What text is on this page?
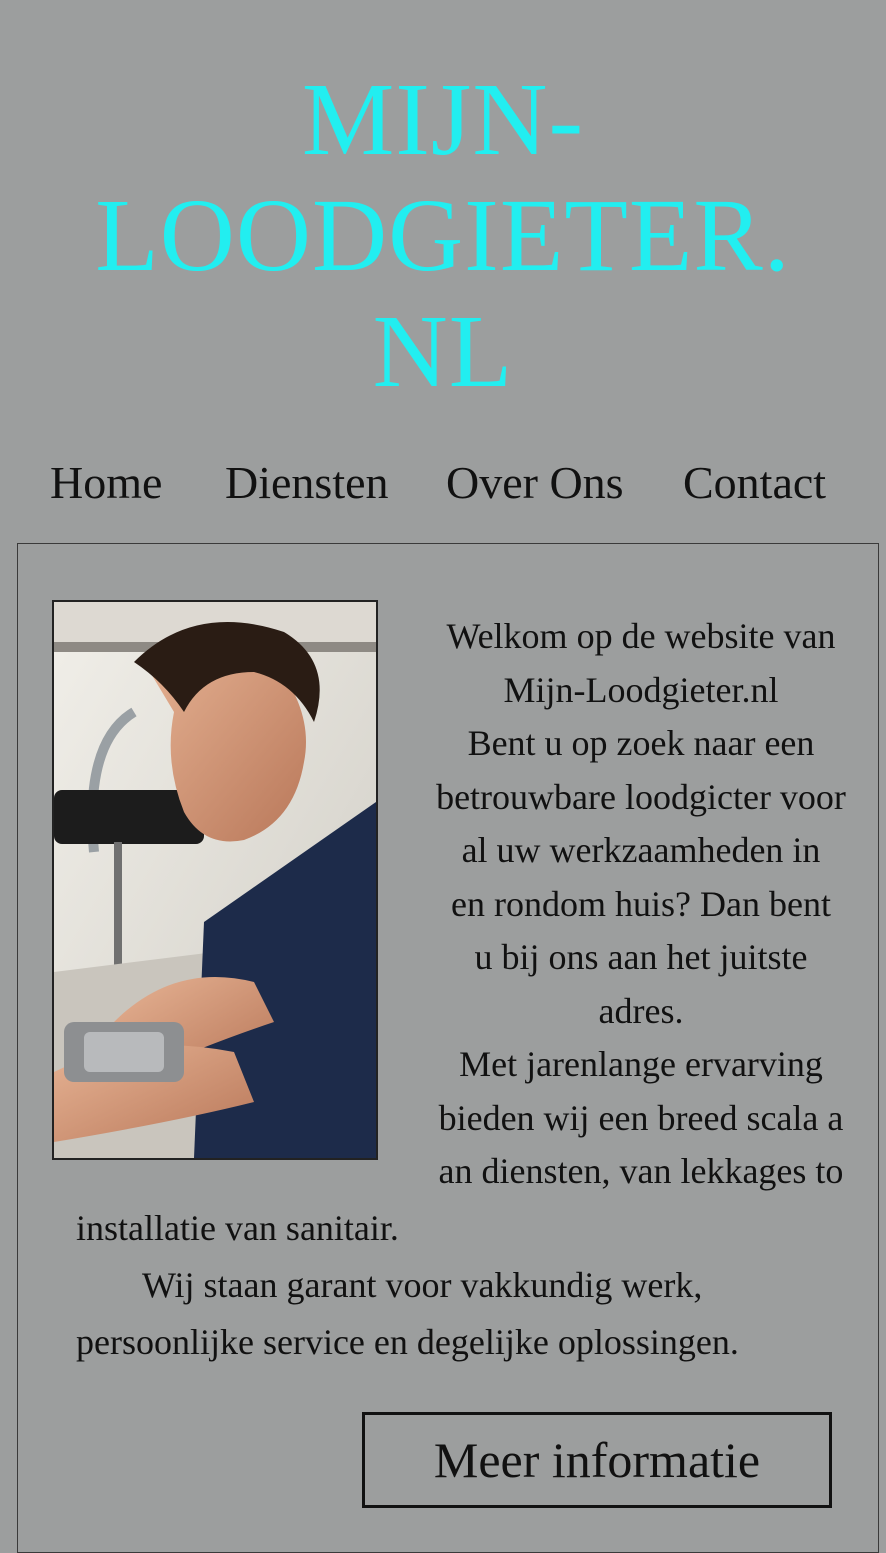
MIJN-
LOODGIETER.
NL
Home Diensten Over Ons Contact

Welkom op de website van

Mijn-Loodgieter.nl

Bent u op zoek naar een

betrouwbare loodgicter voor

al uw werkzaamheden in

en rondom huis? Dan bent

u bij ons aan het juitste

adres.

Met jarenlange ervarving

bieden wij een breed scala a

an diensten, van lekkages to

installatie van sanitair.

Wij staan garant voor vakkundig werk,

persoonlijke service en degelijke oplossingen.

Meer informatie
